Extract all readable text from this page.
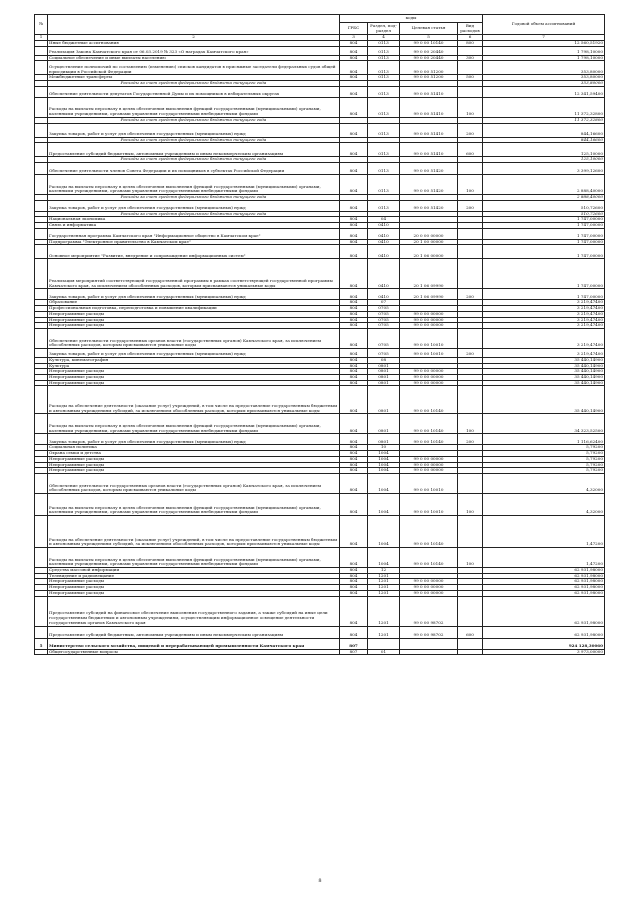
№		коды				Годовой объем ассигнований
		ГРБС	Раздел, под-раздел	Целевая статья	Вид расходов	
1	2	3	4	5	6	7
	Иные бюджетные ассигнования	804	0113	99 0 00 10140	800	12 560,51920
	Реализация Закона Камчатского края от 06.03.2019 № 323 «О наградах Камчатского края»	804	0113	99 0 00 20440		1 798,10000
	Социальное обеспечение и иные выплаты населению	804	0113	99 0 00 20440	300	1 798,10000
	Осуществление полномочий по составлению (изменению) списков кандидатов в присяжные заседатели федеральных судов общей юрисдикции в Российской Федерации	804	0113	99 0 00 51200		353,80000
	Межбюджетные трансферты	804	0113	99 0 00 51200	500	353,80000
	Расходы за счет средств федерального бюджета текущего года					353,80000
	Обеспечение деятельности депутатов Государственной Думы и их помощников в избирательных округах	804	0113	99 0 00 51410		12 341,59400
	Расходы на выплаты персоналу в целях обеспечения выполнения функций государственными (муниципальными) органами, казенными учреждениями, органами управления государственными внебюджетными фондами	804	0113	99 0 00 51410	100	11 372,32800
	Расходы за счет средств федерального бюджета текущего года					11 372,32800
	Закупка товаров, работ и услуг для обеспечения государственных (муниципальных) нужд	804	0113	99 0 00 51410	200	844,16600
	Расходы за счет средств федерального бюджета текущего года					844,16600
	Предоставление субсидий бюджетным, автономным учреждениям и иным некоммерческим организациям	804	0113	99 0 00 51410	600	125,10000
	Расходы за счет средств федерального бюджета текущего года					125,10000
	Обеспечение деятельности членов Совета Федерации и их помощников в субъектах Российской Федерации	804	0113	99 0 00 51420		3 399,12600
	Расходы на выплаты персоналу в целях обеспечения выполнения функций государственными (муниципальными) органами, казенными учреждениями, органами управления государственными внебюджетными фондами	804	0113	99 0 00 51420	100	2 888,40000
	Расходы за счет средств федерального бюджета текущего года					2 888,40000
	Закупка товаров, работ и услуг для обеспечения государственных (муниципальных) нужд	804	0113	99 0 00 51420	200	510,72600
	Расходы за счет средств федерального бюджета текущего года					510,72600
	Национальная экономика	804	04			1 747,00000
	Связь и информатика	804	0410			1 747,00000
	Государственная программа Камчатского края "Информационное общество в Камчатском крае"	804	0410	20 0 00 00000		1 747,00000
	Подпрограмма "Электронное правительство в Камчатском крае"	804	0410	20 1 00 00000		1 747,00000
	Основное мероприятие "Развитие, внедрение и сопровождение информационных систем"	804	0410	20 1 06 00000		1 747,00000
	Реализация мероприятий соответствующей государственной программы в рамках соответствующей государственной программы Камчатского края, за исключением обособленных расходов, которым присваиваются уникальные коды	804	0410	20 1 06 09990		1 747,00000
	Закупка товаров, работ и услуг для обеспечения государственных (муниципальных) нужд	804	0410	20 1 06 09990	200	1 747,00000
	Образование	804	07			3 219,47400
	Профессиональная подготовка, переподготовка и повышение квалификации	804	0705			3 219,47400
	Непрограммные расходы	804	0705	99 0 00 00000		3 219,47400
	Непрограммные расходы	804	0705	99 0 00 00000		3 219,47400
	Непрограммные расходы	804	0705	99 0 00 00000		3 219,47400
	Обеспечение деятельности государственных органов власти (государственных органов) Камчатского края, за исключением обособленных расходов, которым присваиваются уникальные коды	804	0705	99 0 00 10010		3 219,47400
	Закупка товаров, работ и услуг для обеспечения государственных (муниципальных) нужд	804	0705	99 0 00 10010	200	3 219,47400
	Культура, кинематография	804	08			35 440,14900
	Культура	804	0801			35 440,14900
	Непрограммные расходы	804	0801	99 0 00 00000		35 440,14900
	Непрограммные расходы	804	0801	99 0 00 00000		35 440,14900
	Непрограммные расходы	804	0801	99 0 00 00000		35 440,14900
	Расходы на обеспечение деятельности (оказание услуг) учреждений, в том числе на предоставление государственным бюджетным и автономным учреждениям субсидий, за исключением обособленных расходов, которым присваиваются уникальные коды	804	0801	99 0 00 10140		35 440,14900
	Расходы на выплаты персоналу в целях обеспечения выполнения функций государственными (муниципальными) органами, казенными учреждениями, органами управления государственными внебюджетными фондами	804	0801	99 0 00 10140	100	34 323,52500
	Закупка товаров, работ и услуг для обеспечения государственных (муниципальных) нужд	804	0801	99 0 00 10140	200	1 116,62400
	Социальная политика	804	10			5,79200
	Охрана семьи и детства	804	1004			5,79200
	Непрограммные расходы	804	1004	99 0 00 00000		5,79200
	Непрограммные расходы	804	1004	99 0 00 00000		5,79200
	Непрограммные расходы	804	1004	99 0 00 00000		5,79200
	Обеспечение деятельности государственных органов власти (государственных органов) Камчатского края, за исключением обособленных расходов, которым присваиваются уникальные коды	804	1004	99 0 00 10010		4,32000
	Расходы на выплаты персоналу в целях обеспечения выполнения функций государственными (муниципальными) органами, казенными учреждениями, органами управления государственными внебюджетными фондами	804	1004	99 0 00 10010	100	4,32000
	Расходы на обеспечение деятельности (оказание услуг) учреждений, в том числе на предоставление государственным бюджетным и автономным учреждениям субсидий, за исключением обособленных расходов, которым присваиваются уникальные коды	804	1004	99 0 00 10140		1,47200
	Расходы на выплаты персоналу в целях обеспечения выполнения функций государственными (муниципальными) органами, казенными учреждениями, органами управления государственными внебюджетными фондами	804	1004	99 0 00 10140	100	1,47200
	Средства массовой информации	804	12			62 931,98000
	Телевидение и радиовещание	804	1201			62 931,98000
	Непрограммные расходы	804	1201	99 0 00 00000		62 931,98000
	Непрограммные расходы	804	1201	99 0 00 00000		62 931,98000
	Непрограммные расходы	804	1201	99 0 00 00000		62 931,98000
	Предоставление субсидий на финансовое обеспечение выполнения государственного задания, а также субсидий на иные цели государственным бюджетным и автономным учреждениям, осуществляющим информационное освещение деятельности государственных органов Камчатского края	804	1201	99 0 00 98702		62 931,98000
	Предоставление субсидий бюджетным, автономным учреждениям и иным некоммерческим организациям	804	1201	99 0 00 98702	600	62 931,98000
5	Министерство сельского хозяйства, пищевой и перерабатывающей промышленности Камчатского края	807				924 128,30060
	Общегосударственные вопросы	807	01			3 973,00000
8
